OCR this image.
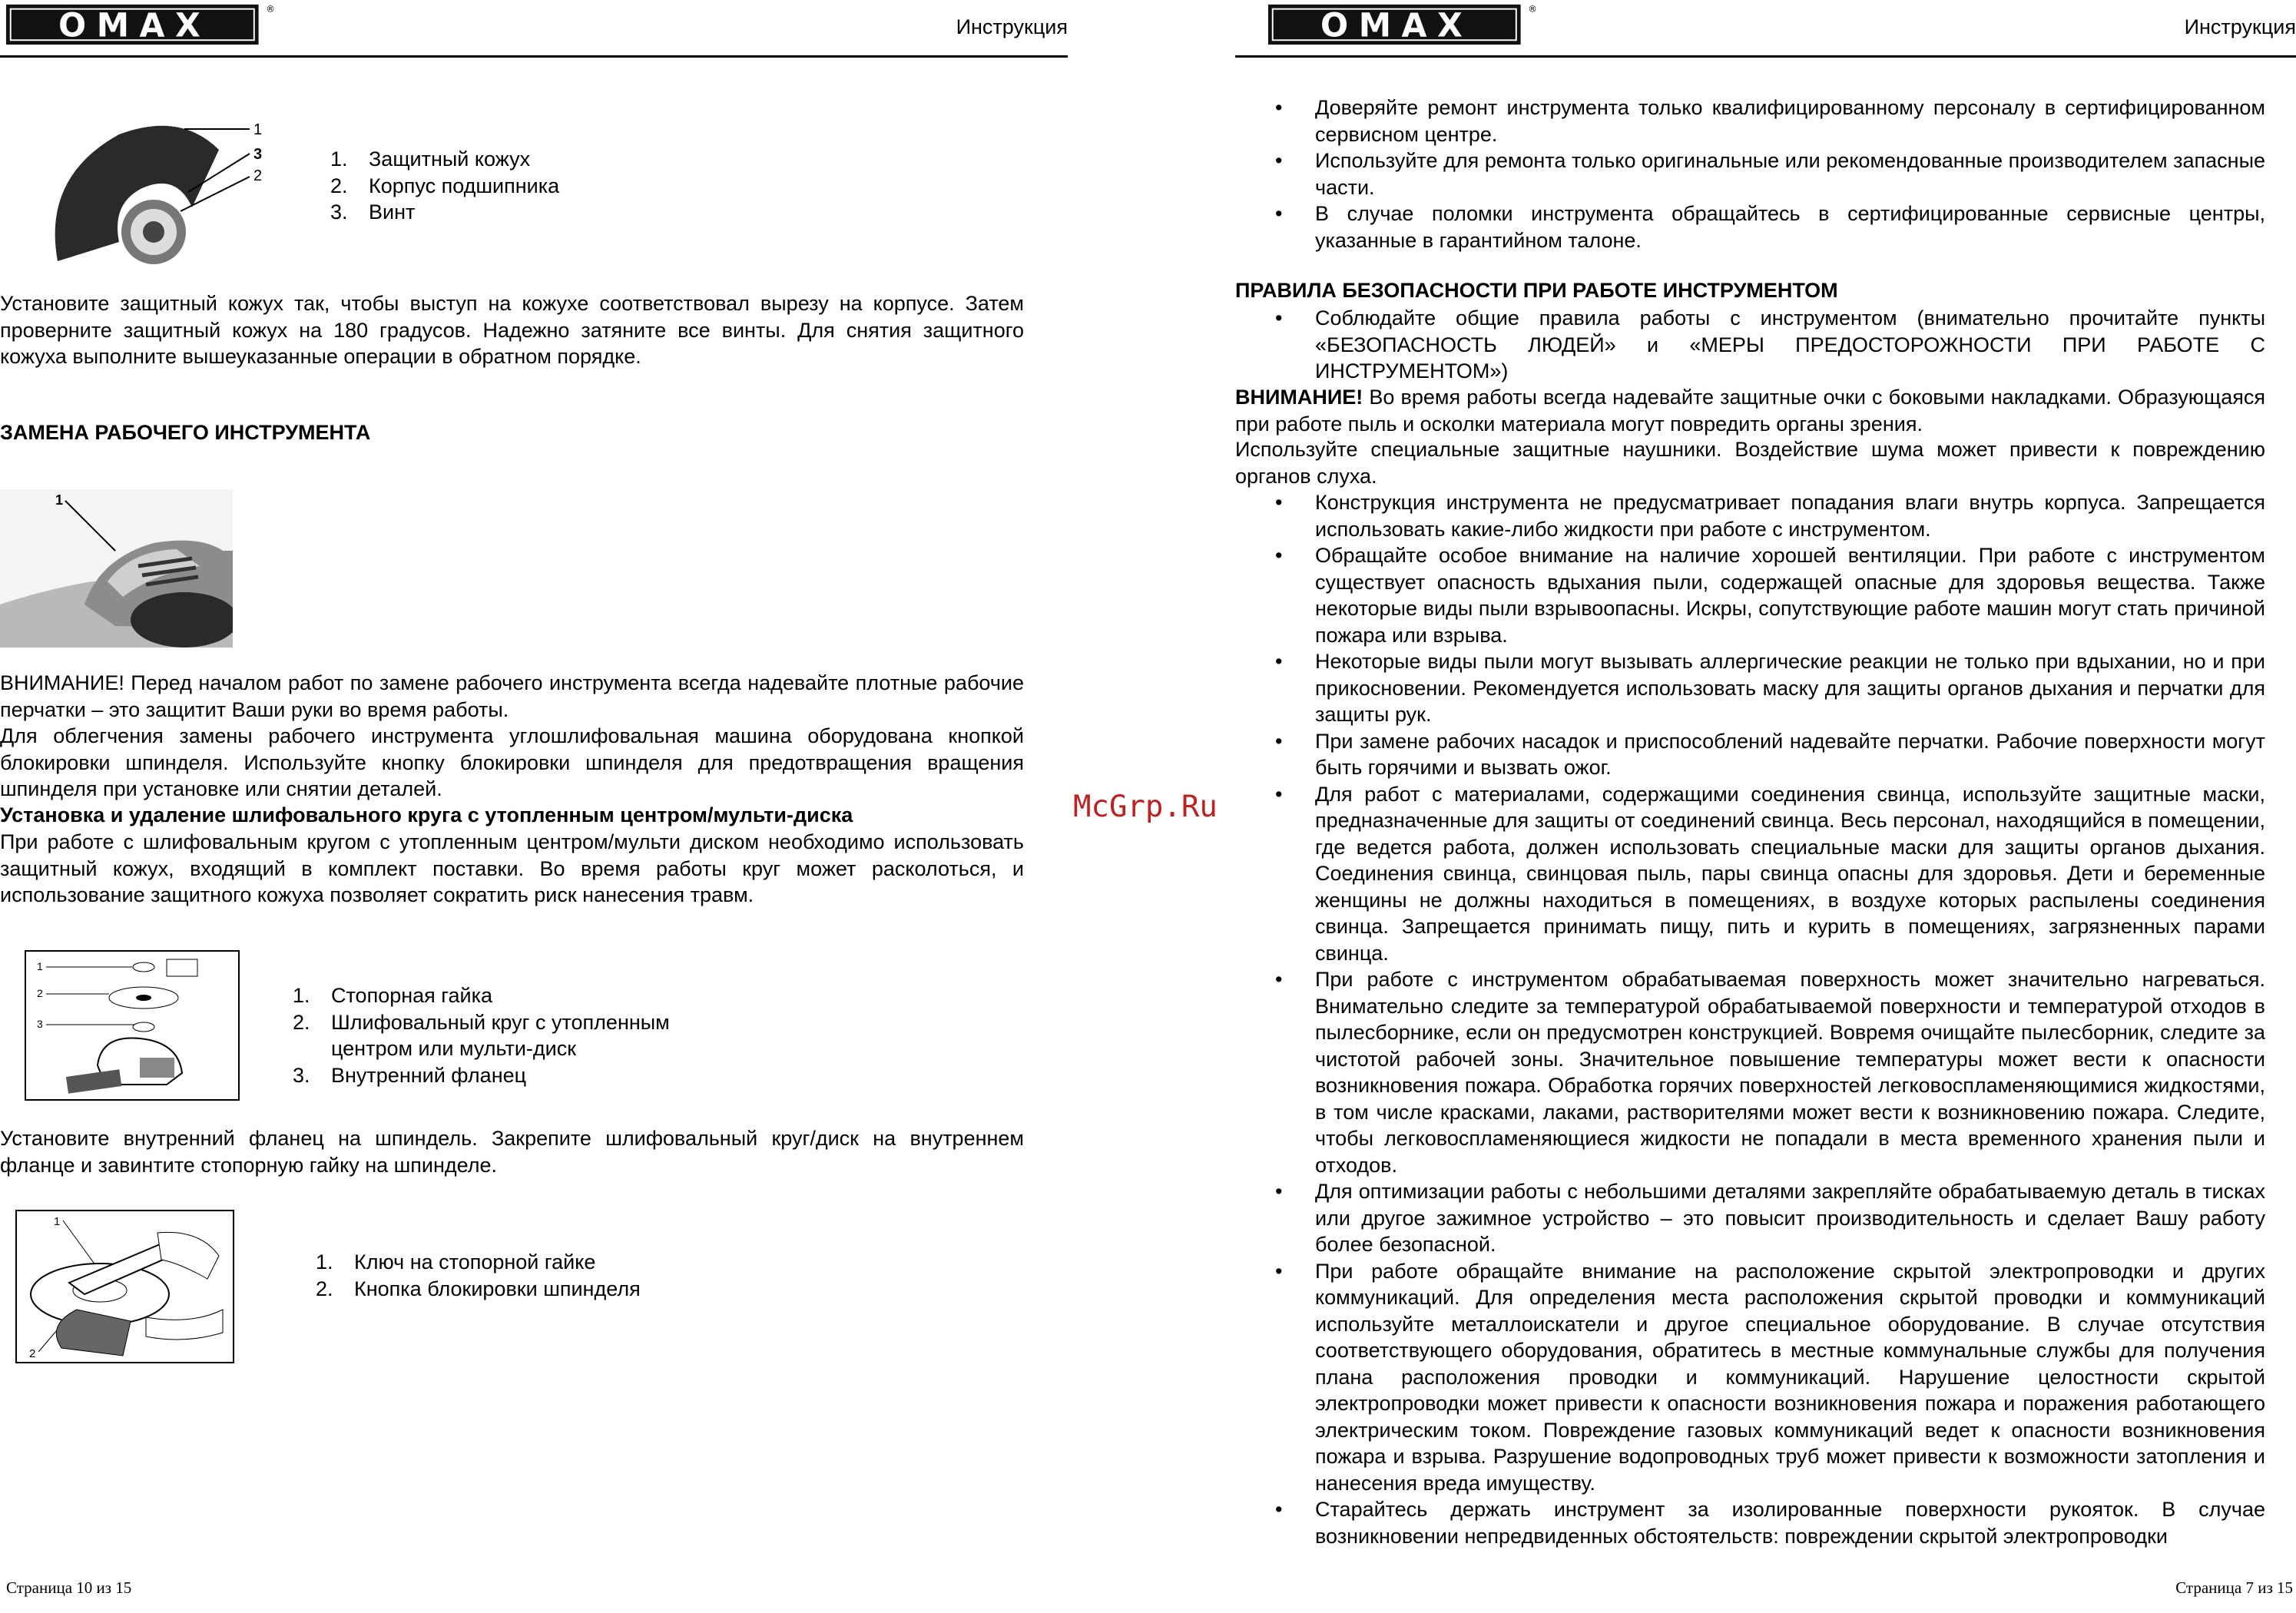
OMAX	®
Инструкция
1
3
2
1. Защитный кожух
2. Корпус подшипника
3. Винт
Установите защитный кожух так, чтобы выступ на кожухе соответствовал вырезу на корпусе. Затем проверните защитный кожух на 180 градусов. Надежно затяните все винты. Для снятия защитного кожуха выполните вышеуказанные операции в обратном порядке.
ЗАМЕНА РАБОЧЕГО ИНСТРУМЕНТА
1
ВНИМАНИЕ! Перед началом работ по замене рабочего инструмента всегда надевайте плотные рабочие перчатки – это защитит Ваши руки во время работы.
Для облегчения замены рабочего инструмента углошлифовальная машина оборудована кнопкой блокировки шпинделя. Используйте кнопку блокировки шпинделя для предотвращения вращения шпинделя при установке или снятии деталей.
Установка и удаление шлифовального круга с утопленным центром/мульти-диска
При работе с шлифовальным кругом с утопленным центром/мульти диском необходимо использовать защитный кожух, входящий в комплект поставки. Во время работы круг может расколоться, и использование защитного кожуха позволяет сократить риск нанесения травм.
1
2
3
1. Стопорная гайка
2. Шлифовальный круг с утопленным центром или мульти-диск
3. Внутренний фланец
Установите внутренний фланец на шпиндель. Закрепите шлифовальный круг/диск на внутреннем фланце и завинтите стопорную гайку на шпинделе.
1
2
1. Ключ на стопорной гайке
2. Кнопка блокировки шпинделя
Страница 10 из 15
McGrp.Ru
OMAX	®
Инструкция
• Доверяйте ремонт инструмента только квалифицированному персоналу в сертифицированном сервисном центре.
• Используйте для ремонта только оригинальные или рекомендованные производителем запасные части.
• В случае поломки инструмента обращайтесь в сертифицированные сервисные центры, указанные в гарантийном талоне.
ПРАВИЛА БЕЗОПАСНОСТИ ПРИ РАБОТЕ ИНСТРУМЕНТОМ
• Соблюдайте общие правила работы с инструментом (внимательно прочитайте пункты «БЕЗОПАСНОСТЬ ЛЮДЕЙ» и «МЕРЫ ПРЕДОСТОРОЖНОСТИ ПРИ РАБОТЕ С ИНСТРУМЕНТОМ»)
ВНИМАНИЕ! Во время работы всегда надевайте защитные очки с боковыми накладками. Образующаяся при работе пыль и осколки материала могут повредить органы зрения.
Используйте специальные защитные наушники. Воздействие шума может привести к повреждению органов слуха.
• Конструкция инструмента не предусматривает попадания влаги внутрь корпуса. Запрещается использовать какие-либо жидкости при работе с инструментом.
• Обращайте особое внимание на наличие хорошей вентиляции. При работе с инструментом существует опасность вдыхания пыли, содержащей опасные для здоровья вещества. Также некоторые виды пыли взрывоопасны. Искры, сопутствующие работе машин могут стать причиной пожара или взрыва.
• Некоторые виды пыли могут вызывать аллергические реакции не только при вдыхании, но и при прикосновении. Рекомендуется использовать маску для защиты органов дыхания и перчатки для защиты рук.
• При замене рабочих насадок и приспособлений надевайте перчатки. Рабочие поверхности могут быть горячими и вызвать ожог.
• Для работ с материалами, содержащими соединения свинца, используйте защитные маски, предназначенные для защиты от соединений свинца. Весь персонал, находящийся в помещении, где ведется работа, должен использовать специальные маски для защиты органов дыхания. Соединения свинца, свинцовая пыль, пары свинца опасны для здоровья. Дети и беременные женщины не должны находиться в помещениях, в воздухе которых распылены соединения свинца. Запрещается принимать пищу, пить и курить в помещениях, загрязненных парами свинца.
• При работе с инструментом обрабатываемая поверхность может значительно нагреваться. Внимательно следите за температурой обрабатываемой поверхности и температурой отходов в пылесборнике, если он предусмотрен конструкцией. Вовремя очищайте пылесборник, следите за чистотой рабочей зоны. Значительное повышение температуры может вести к опасности возникновения пожара. Обработка горячих поверхностей легковоспламеняющимися жидкостями, в том числе красками, лаками, растворителями может вести к возникновению пожара. Следите, чтобы легковоспламеняющиеся жидкости не попадали в места временного хранения пыли и отходов.
• Для оптимизации работы с небольшими деталями закрепляйте обрабатываемую деталь в тисках или другое зажимное устройство – это повысит производительность и сделает Вашу работу более безопасной.
• При работе обращайте внимание на расположение скрытой электропроводки и других коммуникаций. Для определения места расположения скрытой проводки и коммуникаций используйте металлоискатели и другое специальное оборудование. В случае отсутствия соответствующего оборудования, обратитесь в местные коммунальные службы для получения плана расположения проводки и коммуникаций. Нарушение целостности скрытой электропроводки может привести к опасности возникновения пожара и поражения работающего электрическим током. Повреждение газовых коммуникаций ведет к опасности возникновения пожара и взрыва. Разрушение водопроводных труб может привести к возможности затопления и нанесения вреда имуществу.
• Старайтесь держать инструмент за изолированные поверхности рукояток. В случае возникновении непредвиденных обстоятельств: повреждении скрытой электропроводки
Страница 7 из 15
